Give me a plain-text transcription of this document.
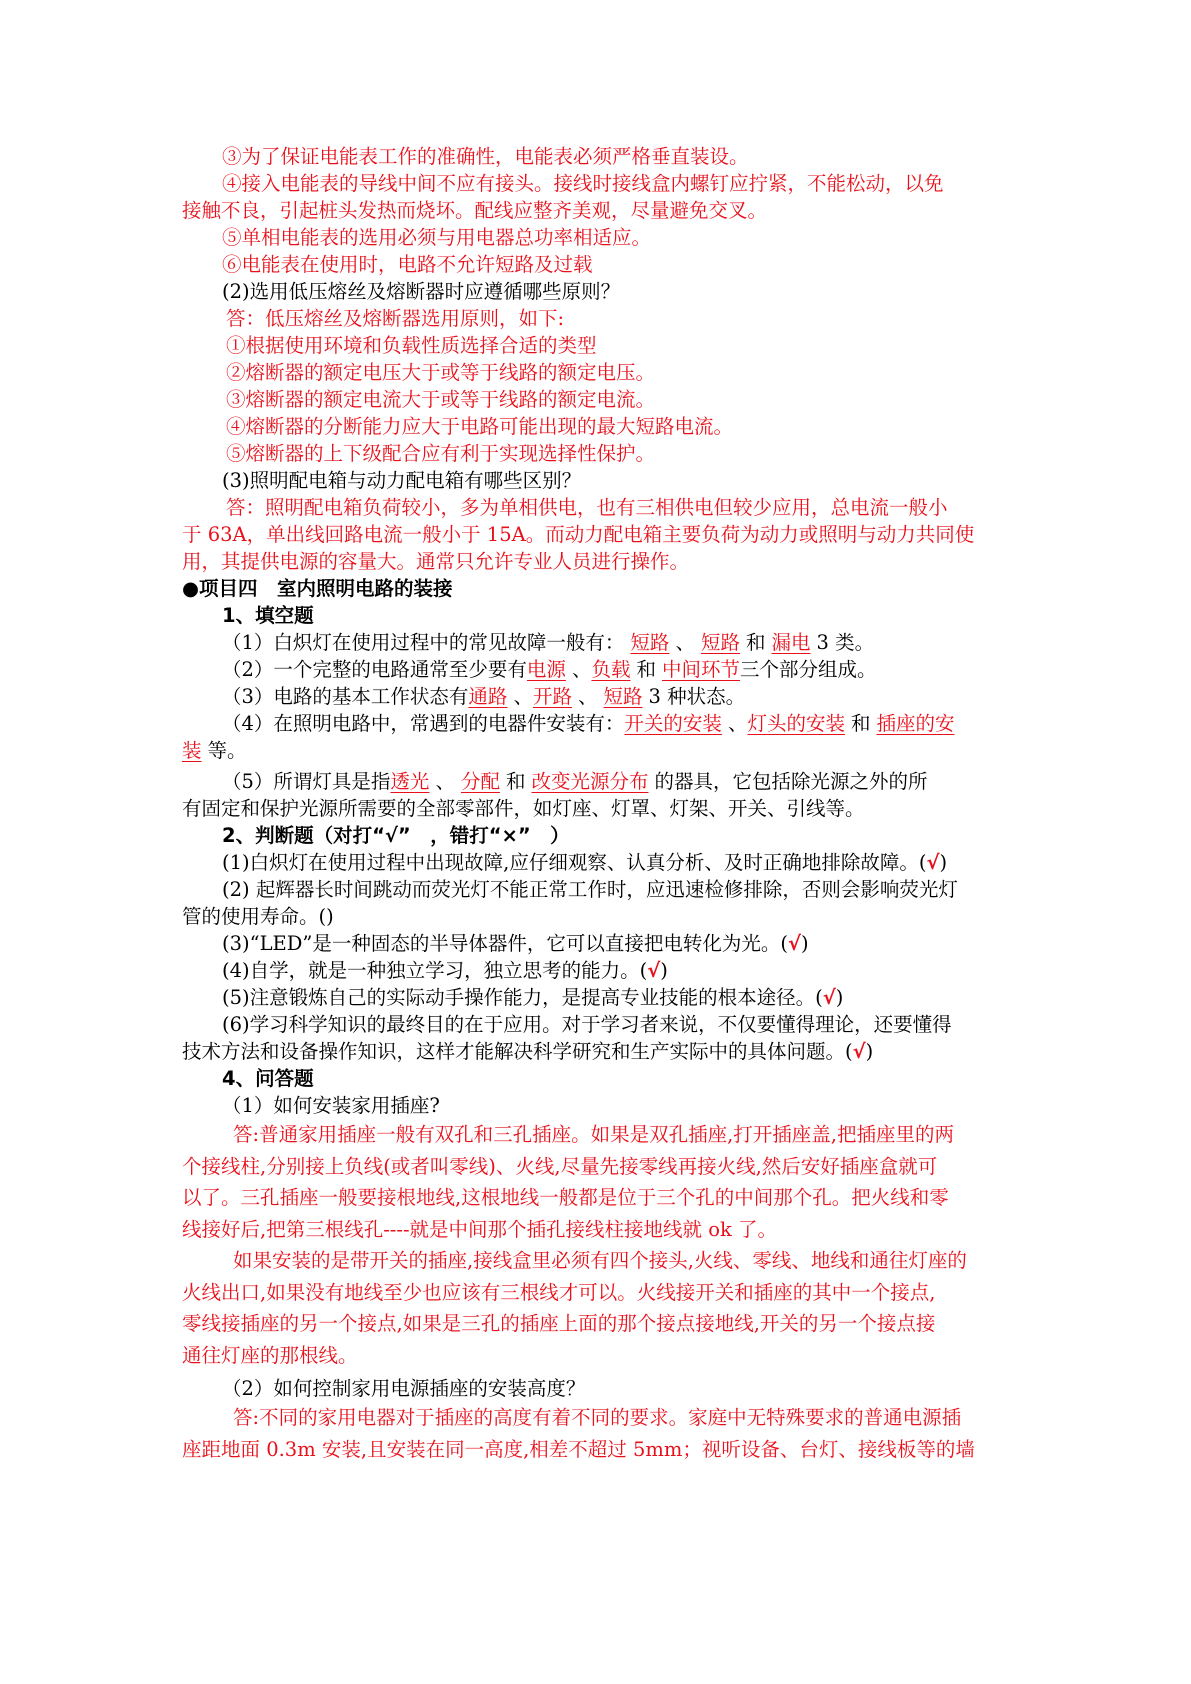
③为了保证电能表工作的准确性，电能表必须严格垂直装设。
④接入电能表的导线中间不应有接头。接线时接线盒内螺钉应拧紧，不能松动，以免
接触不良，引起桩头发热而烧坏。配线应整齐美观，尽量避免交叉。
⑤单相电能表的选用必须与用电器总功率相适应。
⑥电能表在使用时，电路不允许短路及过载
(2)选用低压熔丝及熔断器时应遵循哪些原则？
答：低压熔丝及熔断器选用原则，如下:
①根据使用环境和负载性质选择合适的类型
②熔断器的额定电压大于或等于线路的额定电压。
③熔断器的额定电流大于或等于线路的额定电流。
④熔断器的分断能力应大于电路可能出现的最大短路电流。
⑤熔断器的上下级配合应有利于实现选择性保护。
(3)照明配电箱与动力配电箱有哪些区别？
答：照明配电箱负荷较小，多为单相供电，也有三相供电但较少应用，总电流一般小
于 63A，单出线回路电流一般小于 15A。而动力配电箱主要负荷为动力或照明与动力共同使
用，其提供电源的容量大。通常只允许专业人员进行操作。
●项目四　室内照明电路的装接
1、填空题
（1）白炽灯在使用过程中的常见故障一般有： 短路 、 短路 和 漏电 3 类。
（2）一个完整的电路通常至少要有电源 、负载 和 中间环节三个部分组成。
（3）电路的基本工作状态有通路 、开路 、 短路 3 种状态。
（4）在照明电路中，常遇到的电器件安装有：开关的安装 、灯头的安装 和 插座的安
装 等。
（5）所谓灯具是指透光 、 分配 和 改变光源分布 的器具，它包括除光源之外的所
有固定和保护光源所需要的全部零部件，如灯座、灯罩、灯架、开关、引线等。
2、判断题（对打“√”　，错打“×”　）
(1)白炽灯在使用过程中出现故障,应仔细观察、认真分析、及时正确地排除故障。(√)
(2) 起辉器长时间跳动而荧光灯不能正常工作时，应迅速检修排除，否则会影响荧光灯
管的使用寿命。()
(3)“LED”是一种固态的半导体器件，它可以直接把电转化为光。(√)
(4)自学，就是一种独立学习，独立思考的能力。(√)
(5)注意锻炼自己的实际动手操作能力，是提高专业技能的根本途径。(√)
(6)学习科学知识的最终目的在于应用。对于学习者来说，不仅要懂得理论，还要懂得
技术方法和设备操作知识，这样才能解决科学研究和生产实际中的具体问题。(√)
4、问答题
（1）如何安装家用插座?
答:普通家用插座一般有双孔和三孔插座。如果是双孔插座,打开插座盖,把插座里的两
个接线柱,分别接上负线(或者叫零线)、火线,尽量先接零线再接火线,然后安好插座盒就可
以了。三孔插座一般要接根地线,这根地线一般都是位于三个孔的中间那个孔。把火线和零
线接好后,把第三根线孔----就是中间那个插孔接线柱接地线就 ok 了。
如果安装的是带开关的插座,接线盒里必须有四个接头,火线、零线、地线和通往灯座的
火线出口,如果没有地线至少也应该有三根线才可以。火线接开关和插座的其中一个接点,
零线接插座的另一个接点,如果是三孔的插座上面的那个接点接地线,开关的另一个接点接
通往灯座的那根线。
（2）如何控制家用电源插座的安装高度？
答:不同的家用电器对于插座的高度有着不同的要求。家庭中无特殊要求的普通电源插
座距地面 0.3m 安装,且安装在同一高度,相差不超过 5mm；视听设备、台灯、接线板等的墙
